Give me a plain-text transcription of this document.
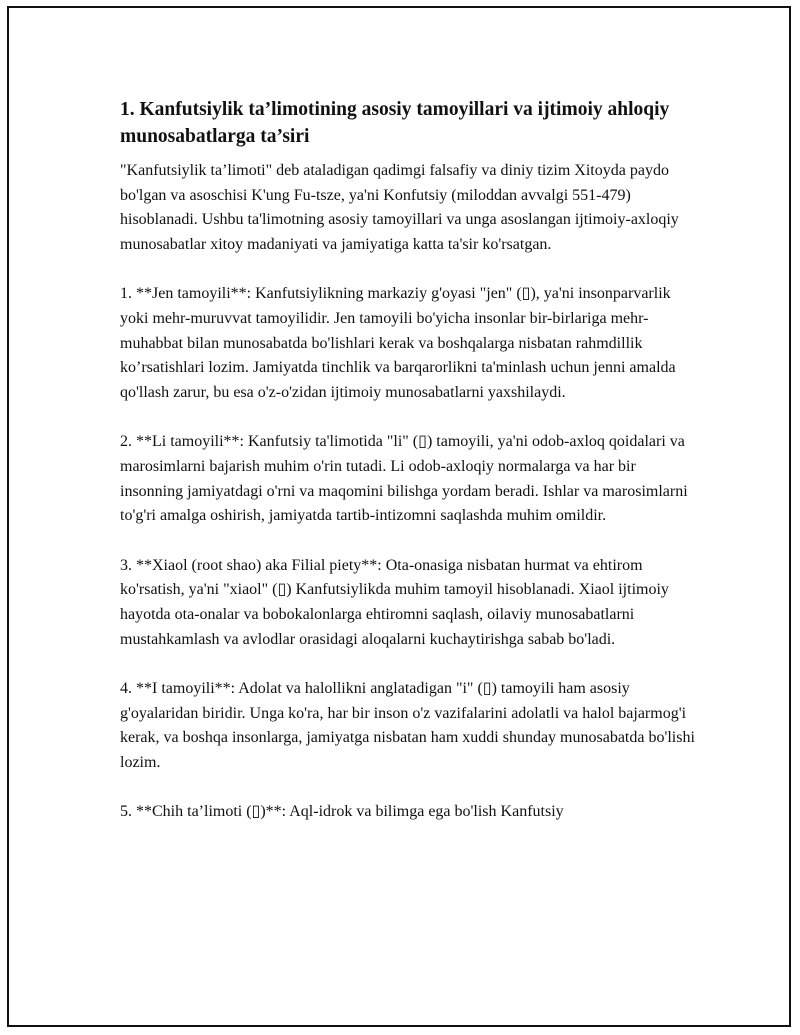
1. Kanfutsiylik ta’limotining asosiy tamoyillari va ijtimoiy ahloqiy munosabatlarga ta’siri

"Kanfutsiylik ta’limoti" deb ataladigan qadimgi falsafiy va diniy tizim Xitoyda paydo bo'lgan va asoschisi K'ung Fu-tsze, ya'ni Konfutsiy (miloddan avvalgi 551-479) hisoblanadi. Ushbu ta'limotning asosiy tamoyillari va unga asoslangan ijtimoiy-axloqiy munosabatlar xitoy madaniyati va jamiyatiga katta ta'sir ko'rsatgan.

1. **Jen tamoyili**: Kanfutsiylikning markaziy g'oyasi "jen" (▯), ya'ni insonparvarlik yoki mehr-muruvvat tamoyilidir. Jen tamoyili bo'yicha insonlar bir-birlariga mehr-muhabbat bilan munosabatda bo'lishlari kerak va boshqalarga nisbatan rahmdillik ko’rsatishlari lozim. Jamiyatda tinchlik va barqarorlikni ta'minlash uchun jenni amalda qo'llash zarur, bu esa o'z-o'zidan ijtimoiy munosabatlarni yaxshilaydi.

2. **Li tamoyili**: Kanfutsiy ta'limotida "li" (▯) tamoyili, ya'ni odob-axloq qoidalari va marosimlarni bajarish muhim o'rin tutadi. Li odob-axloqiy normalarga va har bir insonning jamiyatdagi o'rni va maqomini bilishga yordam beradi. Ishlar va marosimlarni to'g'ri amalga oshirish, jamiyatda tartib-intizomni saqlashda muhim omildir.

3. **Xiaol (root shao) aka Filial piety**: Ota-onasiga nisbatan hurmat va ehtirom ko'rsatish, ya'ni "xiaol" (▯) Kanfutsiylikda muhim tamoyil hisoblanadi. Xiaol ijtimoiy hayotda ota-onalar va bobokalonlarga ehtiromni saqlash, oilaviy munosabatlarni mustahkamlash va avlodlar orasidagi aloqalarni kuchaytirishga sabab bo'ladi.

4. **I tamoyili**: Adolat va halollikni anglatadigan "i" (▯) tamoyili ham asosiy g'oyalaridan biridir. Unga ko'ra, har bir inson o'z vazifalarini adolatli va halol bajarmog'i kerak, va boshqa insonlarga, jamiyatga nisbatan ham xuddi shunday munosabatda bo'lishi lozim.

5. **Chih ta’limoti (▯)**: Aql-idrok va bilimga ega bo'lish Kanfutsiy
